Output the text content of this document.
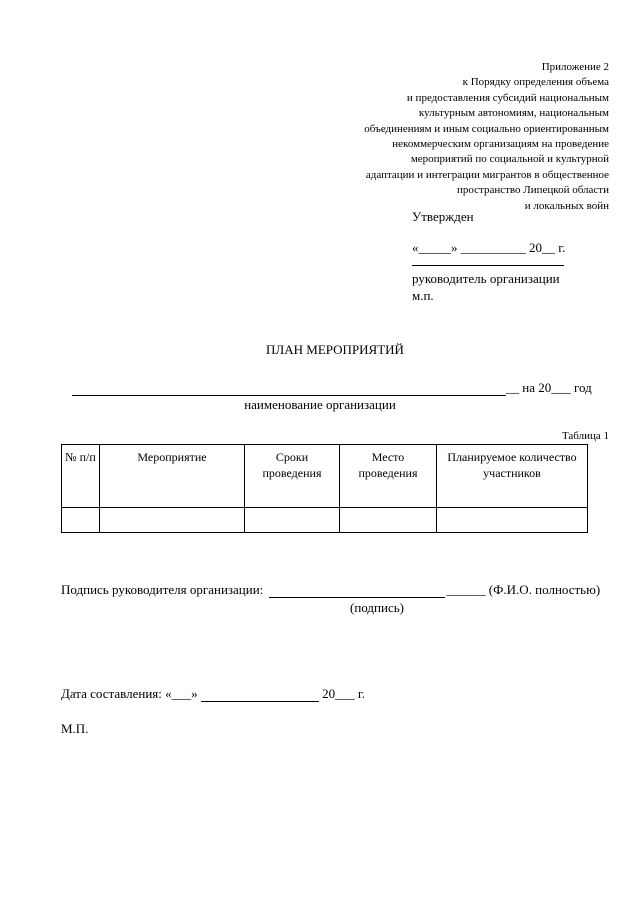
Приложение 2
к Порядку определения объема
и предоставления субсидий национальным
культурным автономиям, национальным
объединениям и иным социально ориентированным
некоммерческим организациям на проведение
мероприятий по социальной и культурной
адаптации и интеграции мигрантов в общественное
пространство Липецкой области
и локальных войн
Утвержден
«_____» __________ 20__ г.
руководитель организации
м.п.
ПЛАН МЕРОПРИЯТИЙ
__ на 20___ год
наименование организации
Таблица 1
№ п/п	Мероприятие	Сроки проведения	Место проведения	Планируемое количество участников

Подпись руководителя организации:	______ (Ф.И.О. полностью)
(подпись)
Дата составления: «___»	20___ г.
М.П.
